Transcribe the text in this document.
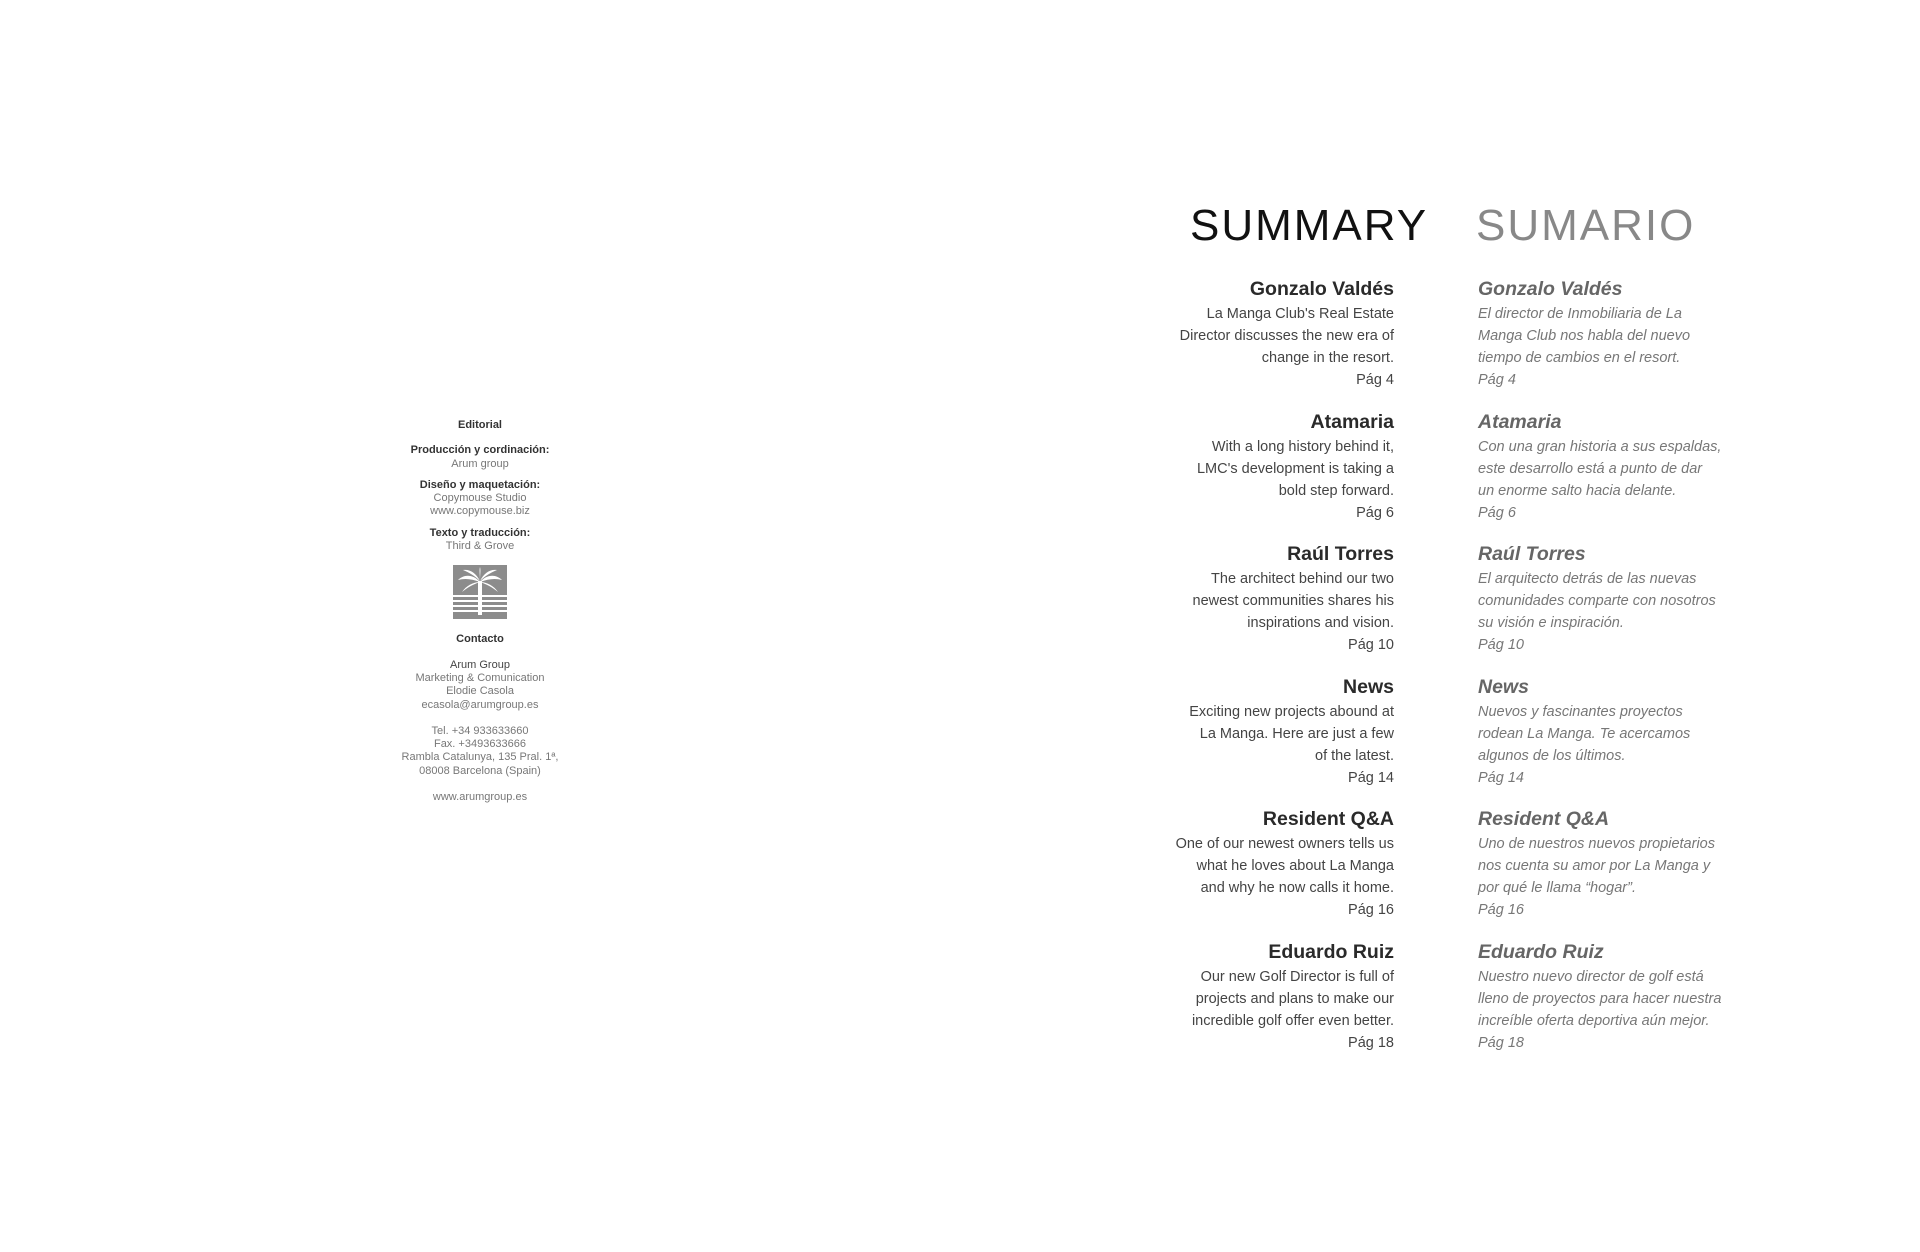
Editorial
Producción y cordinación:
Arum group
Diseño y maquetación:
Copymouse Studio
www.copymouse.biz
Texto y traducción:
Third & Grove
Contacto
Arum Group
Marketing & Comunication
Elodie Casola
ecasola@arumgroup.es
Tel. +34 933633660
Fax. +3493633666
Rambla Catalunya, 135 Pral. 1ª,
08008 Barcelona (Spain)
www.arumgroup.es
SUMMARY SUMARIO
Gonzalo Valdés
La Manga Club's Real Estate
Director discusses the new era of
change in the resort.
Pág 4
Atamaria
With a long history behind it,
LMC's development is taking a
bold step forward.
Pág 6
Raúl Torres
The architect behind our two
newest communities shares his
inspirations and vision.
Pág 10
News
Exciting new projects abound at
La Manga. Here are just a few
of the latest.
Pág 14
Resident Q&A
One of our newest owners tells us
what he loves about La Manga
and why he now calls it home.
Pág 16
Eduardo Ruiz
Our new Golf Director is full of
projects and plans to make our
incredible golf offer even better.
Pág 18
Gonzalo Valdés
El director de Inmobiliaria de La
Manga Club nos habla del nuevo
tiempo de cambios en el resort.
Pág 4
Atamaria
Con una gran historia a sus espaldas,
este desarrollo está a punto de dar
un enorme salto hacia delante.
Pág 6
Raúl Torres
El arquitecto detrás de las nuevas
comunidades comparte con nosotros
su visión e inspiración.
Pág 10
News
Nuevos y fascinantes proyectos
rodean La Manga. Te acercamos
algunos de los últimos.
Pág 14
Resident Q&A
Uno de nuestros nuevos propietarios
nos cuenta su amor por La Manga y
por qué le llama “hogar”.
Pág 16
Eduardo Ruiz
Nuestro nuevo director de golf está
lleno de proyectos para hacer nuestra
increíble oferta deportiva aún mejor.
Pág 18
